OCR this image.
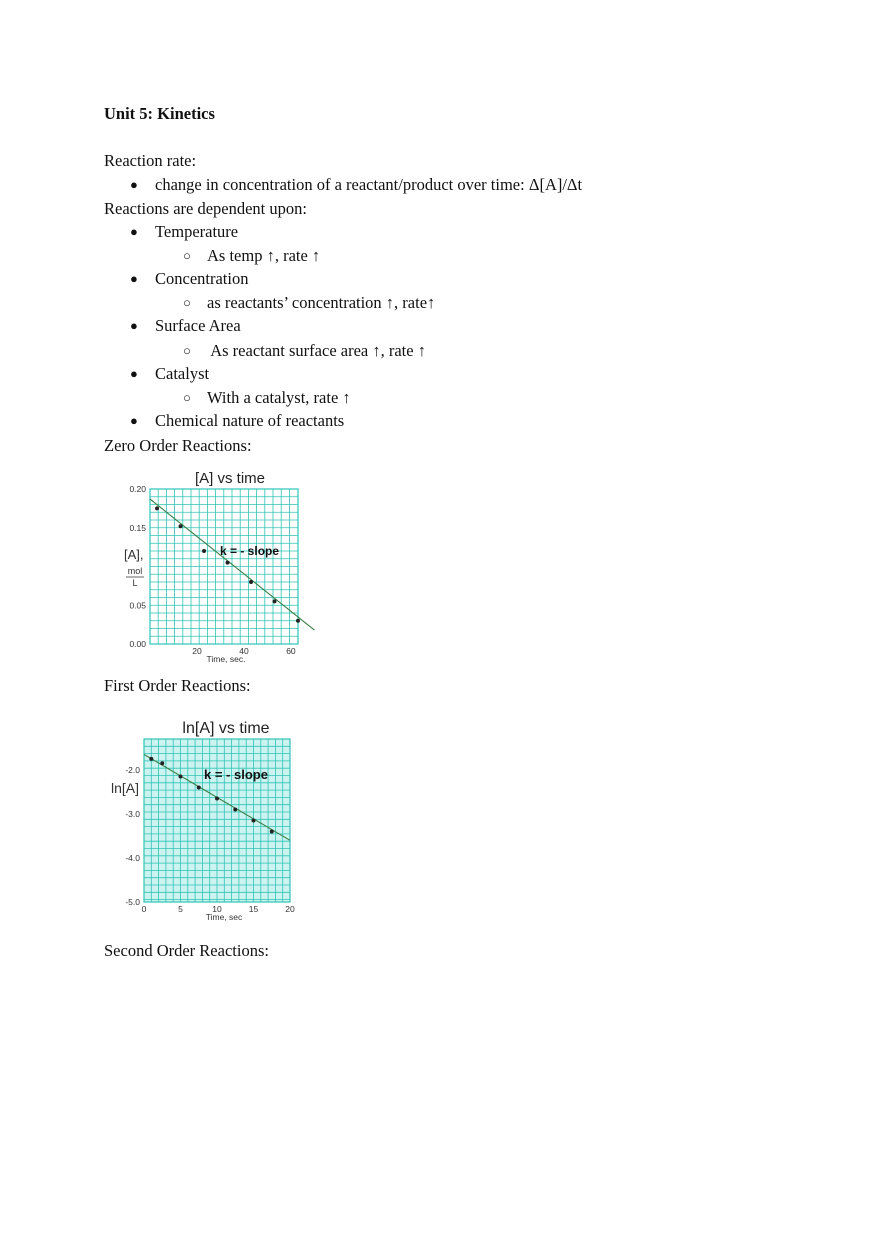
Unit 5: Kinetics
Reaction rate:
● change in concentration of a reactant/product over time: Δ[A]/Δt
Reactions are dependent upon:
● Temperature
○ As temp ↑, rate ↑
● Concentration
○ as reactants’ concentration ↑, rate↑
● Surface Area
○ As reactant surface area ↑, rate ↑
● Catalyst
○ With a catalyst, rate ↑
● Chemical nature of reactants
Zero Order Reactions:
[A] vs time
0.00
0.05
0.15
0.20
20	40	60
[A],
mol
L
k = - slope
Time, sec.
First Order Reactions:
ln[A] vs time
-2.0
-3.0
-4.0
-5.0
0	5	10	15	20
ln[A]
k = - slope
Time, sec
Second Order Reactions:
